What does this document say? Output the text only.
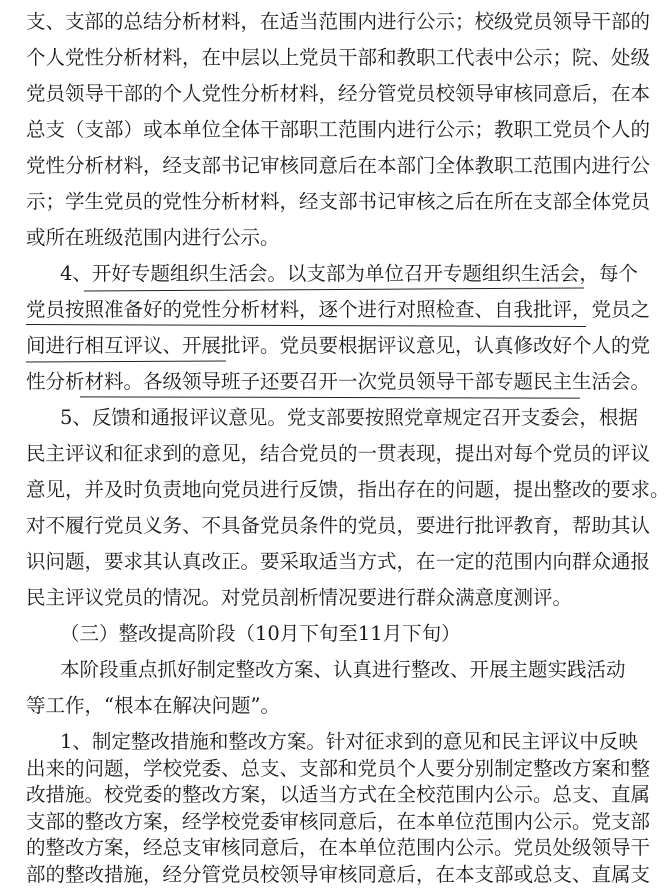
支、支部的总结分析材料，在适当范围内进行公示；校级党员领导干部的
个人党性分析材料，在中层以上党员干部和教职工代表中公示；院、处级
党员领导干部的个人党性分析材料，经分管党员校领导审核同意后，在本
总支（支部）或本单位全体干部职工范围内进行公示；教职工党员个人的
党性分析材料，经支部书记审核同意后在本部门全体教职工范围内进行公
示；学生党员的党性分析材料，经支部书记审核之后在所在支部全体党员
或所在班级范围内进行公示。
4、开好专题组织生活会。以支部为单位召开专题组织生活会，每个
党员按照准备好的党性分析材料，逐个进行对照检查、自我批评，党员之
间进行相互评议、开展批评。党员要根据评议意见，认真修改好个人的党
性分析材料。各级领导班子还要召开一次党员领导干部专题民主生活会。
5、反馈和通报评议意见。党支部要按照党章规定召开支委会，根据
民主评议和征求到的意见，结合党员的一贯表现，提出对每个党员的评议
意见，并及时负责地向党员进行反馈，指出存在的问题，提出整改的要求。
对不履行党员义务、不具备党员条件的党员，要进行批评教育，帮助其认
识问题，要求其认真改正。要采取适当方式，在一定的范围内向群众通报
民主评议党员的情况。对党员剖析情况要进行群众满意度测评。
（三）整改提高阶段（10月下旬至11月下旬）
本阶段重点抓好制定整改方案、认真进行整改、开展主题实践活动
等工作，“根本在解决问题”。
1、制定整改措施和整改方案。针对征求到的意见和民主评议中反映
出来的问题，学校党委、总支、支部和党员个人要分别制定整改方案和整
改措施。校党委的整改方案，以适当方式在全校范围内公示。总支、直属
支部的整改方案，经学校党委审核同意后，在本单位范围内公示。党支部
的整改方案，经总支审核同意后，在本单位范围内公示。党员处级领导干
部的整改措施，经分管党员校领导审核同意后，在本支部或总支、直属支
